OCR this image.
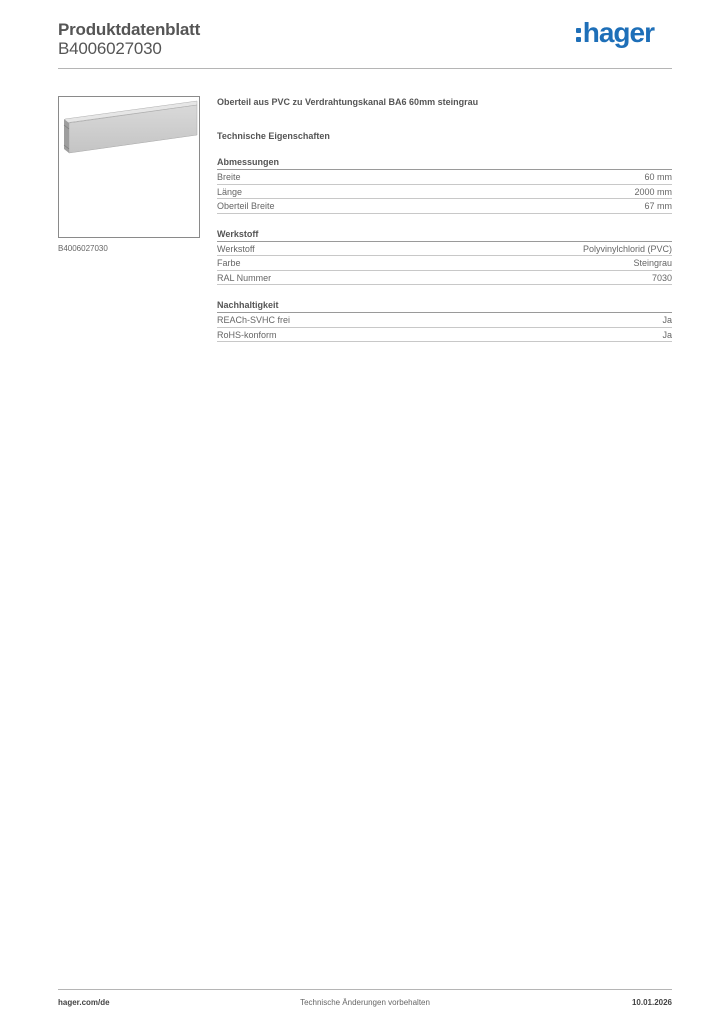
Produktdatenblatt
B4006027030
hager
B4006027030
Oberteil aus PVC zu Verdrahtungskanal BA6 60mm steingrau
Technische Eigenschaften
Abmessungen
Breite	60 mm
Länge	2000 mm
Oberteil Breite	67 mm
Werkstoff
Werkstoff	Polyvinylchlorid (PVC)
Farbe	Steingrau
RAL Nummer	7030
Nachhaltigkeit
REACh-SVHC frei	Ja
RoHS-konform	Ja
hager.com/de	Technische Änderungen vorbehalten	10.01.2026
